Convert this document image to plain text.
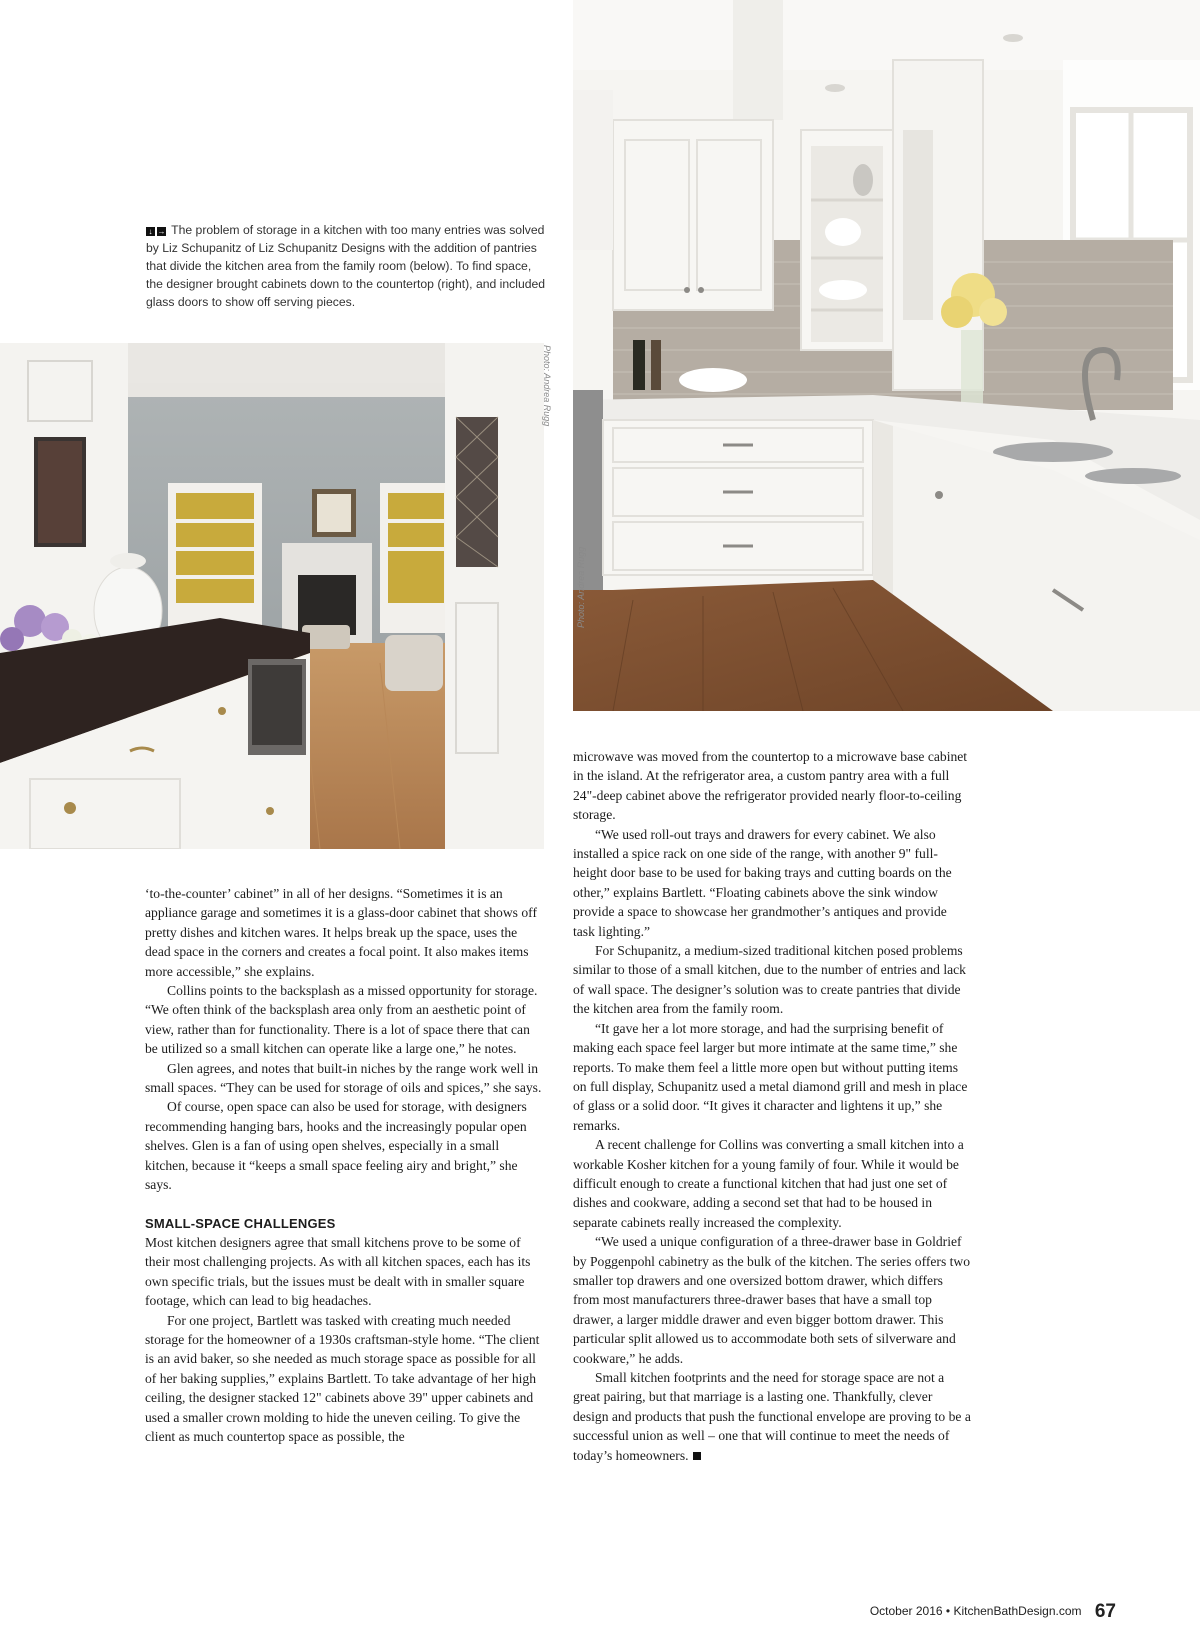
↓ → The problem of storage in a kitchen with too many entries was solved by Liz Schupanitz of Liz Schupanitz Designs with the addition of pantries that divide the kitchen area from the family room (below). To find space, the designer brought cabinets down to the countertop (right), and included glass doors to show off serving pieces.
Photo: Andrea Rugg
Photo: Andrea Rugg

‘to-the-counter’ cabinet” in all of her designs. “Sometimes it is an appliance garage and sometimes it is a glass-door cabinet that shows off pretty dishes and kitchen wares. It helps break up the space, uses the dead space in the corners and creates a focal point. It also makes items more accessible,” she explains.

Collins points to the backsplash as a missed opportunity for storage. “We often think of the backsplash area only from an aesthetic point of view, rather than for functionality. There is a lot of space there that can be utilized so a small kitchen can operate like a large one,” he notes.

Glen agrees, and notes that built-in niches by the range work well in small spaces. “They can be used for storage of oils and spices,” she says.

Of course, open space can also be used for storage, with designers recommending hanging bars, hooks and the increasingly popular open shelves. Glen is a fan of using open shelves, especially in a small kitchen, because it “keeps a small space feeling airy and bright,” she says.

SMALL-SPACE CHALLENGES

Most kitchen designers agree that small kitchens prove to be some of their most challenging projects. As with all kitchen spaces, each has its own specific trials, but the issues must be dealt with in smaller square footage, which can lead to big headaches.

For one project, Bartlett was tasked with creating much needed storage for the homeowner of a 1930s craftsman-style home. “The client is an avid baker, so she needed as much storage space as possible for all of her baking supplies,” explains Bartlett. To take advantage of her high ceiling, the designer stacked 12" cabinets above 39" upper cabinets and used a smaller crown molding to hide the uneven ceiling. To give the client as much countertop space as possible, the

microwave was moved from the countertop to a microwave base cabinet in the island. At the refrigerator area, a custom pantry area with a full 24"-deep cabinet above the refrigerator provided nearly floor-to-ceiling storage.

“We used roll-out trays and drawers for every cabinet. We also installed a spice rack on one side of the range, with another 9" full-height door base to be used for baking trays and cutting boards on the other,” explains Bartlett. “Floating cabinets above the sink window provide a space to showcase her grandmother’s antiques and provide task lighting.”

For Schupanitz, a medium-sized traditional kitchen posed problems similar to those of a small kitchen, due to the number of entries and lack of wall space. The designer’s solution was to create pantries that divide the kitchen area from the family room.

“It gave her a lot more storage, and had the surprising benefit of making each space feel larger but more intimate at the same time,” she reports. To make them feel a little more open but without putting items on full display, Schupanitz used a metal diamond grill and mesh in place of glass or a solid door. “It gives it character and lightens it up,” she remarks.

A recent challenge for Collins was converting a small kitchen into a workable Kosher kitchen for a young family of four. While it would be difficult enough to create a functional kitchen that had just one set of dishes and cookware, adding a second set that had to be housed in separate cabinets really increased the complexity.

“We used a unique configuration of a three-drawer base in Goldrief by Poggenpohl cabinetry as the bulk of the kitchen. The series offers two smaller top drawers and one oversized bottom drawer, which differs from most manufacturers three-drawer bases that have a small top drawer, a larger middle drawer and even bigger bottom drawer. This particular split allowed us to accommodate both sets of silverware and cookware,” he adds.

Small kitchen footprints and the need for storage space are not a great pairing, but that marriage is a lasting one. Thankfully, clever design and products that push the functional envelope are proving to be a successful union as well – one that will continue to meet the needs of today’s homeowners.

October 2016 • KitchenBathDesign.com 67
